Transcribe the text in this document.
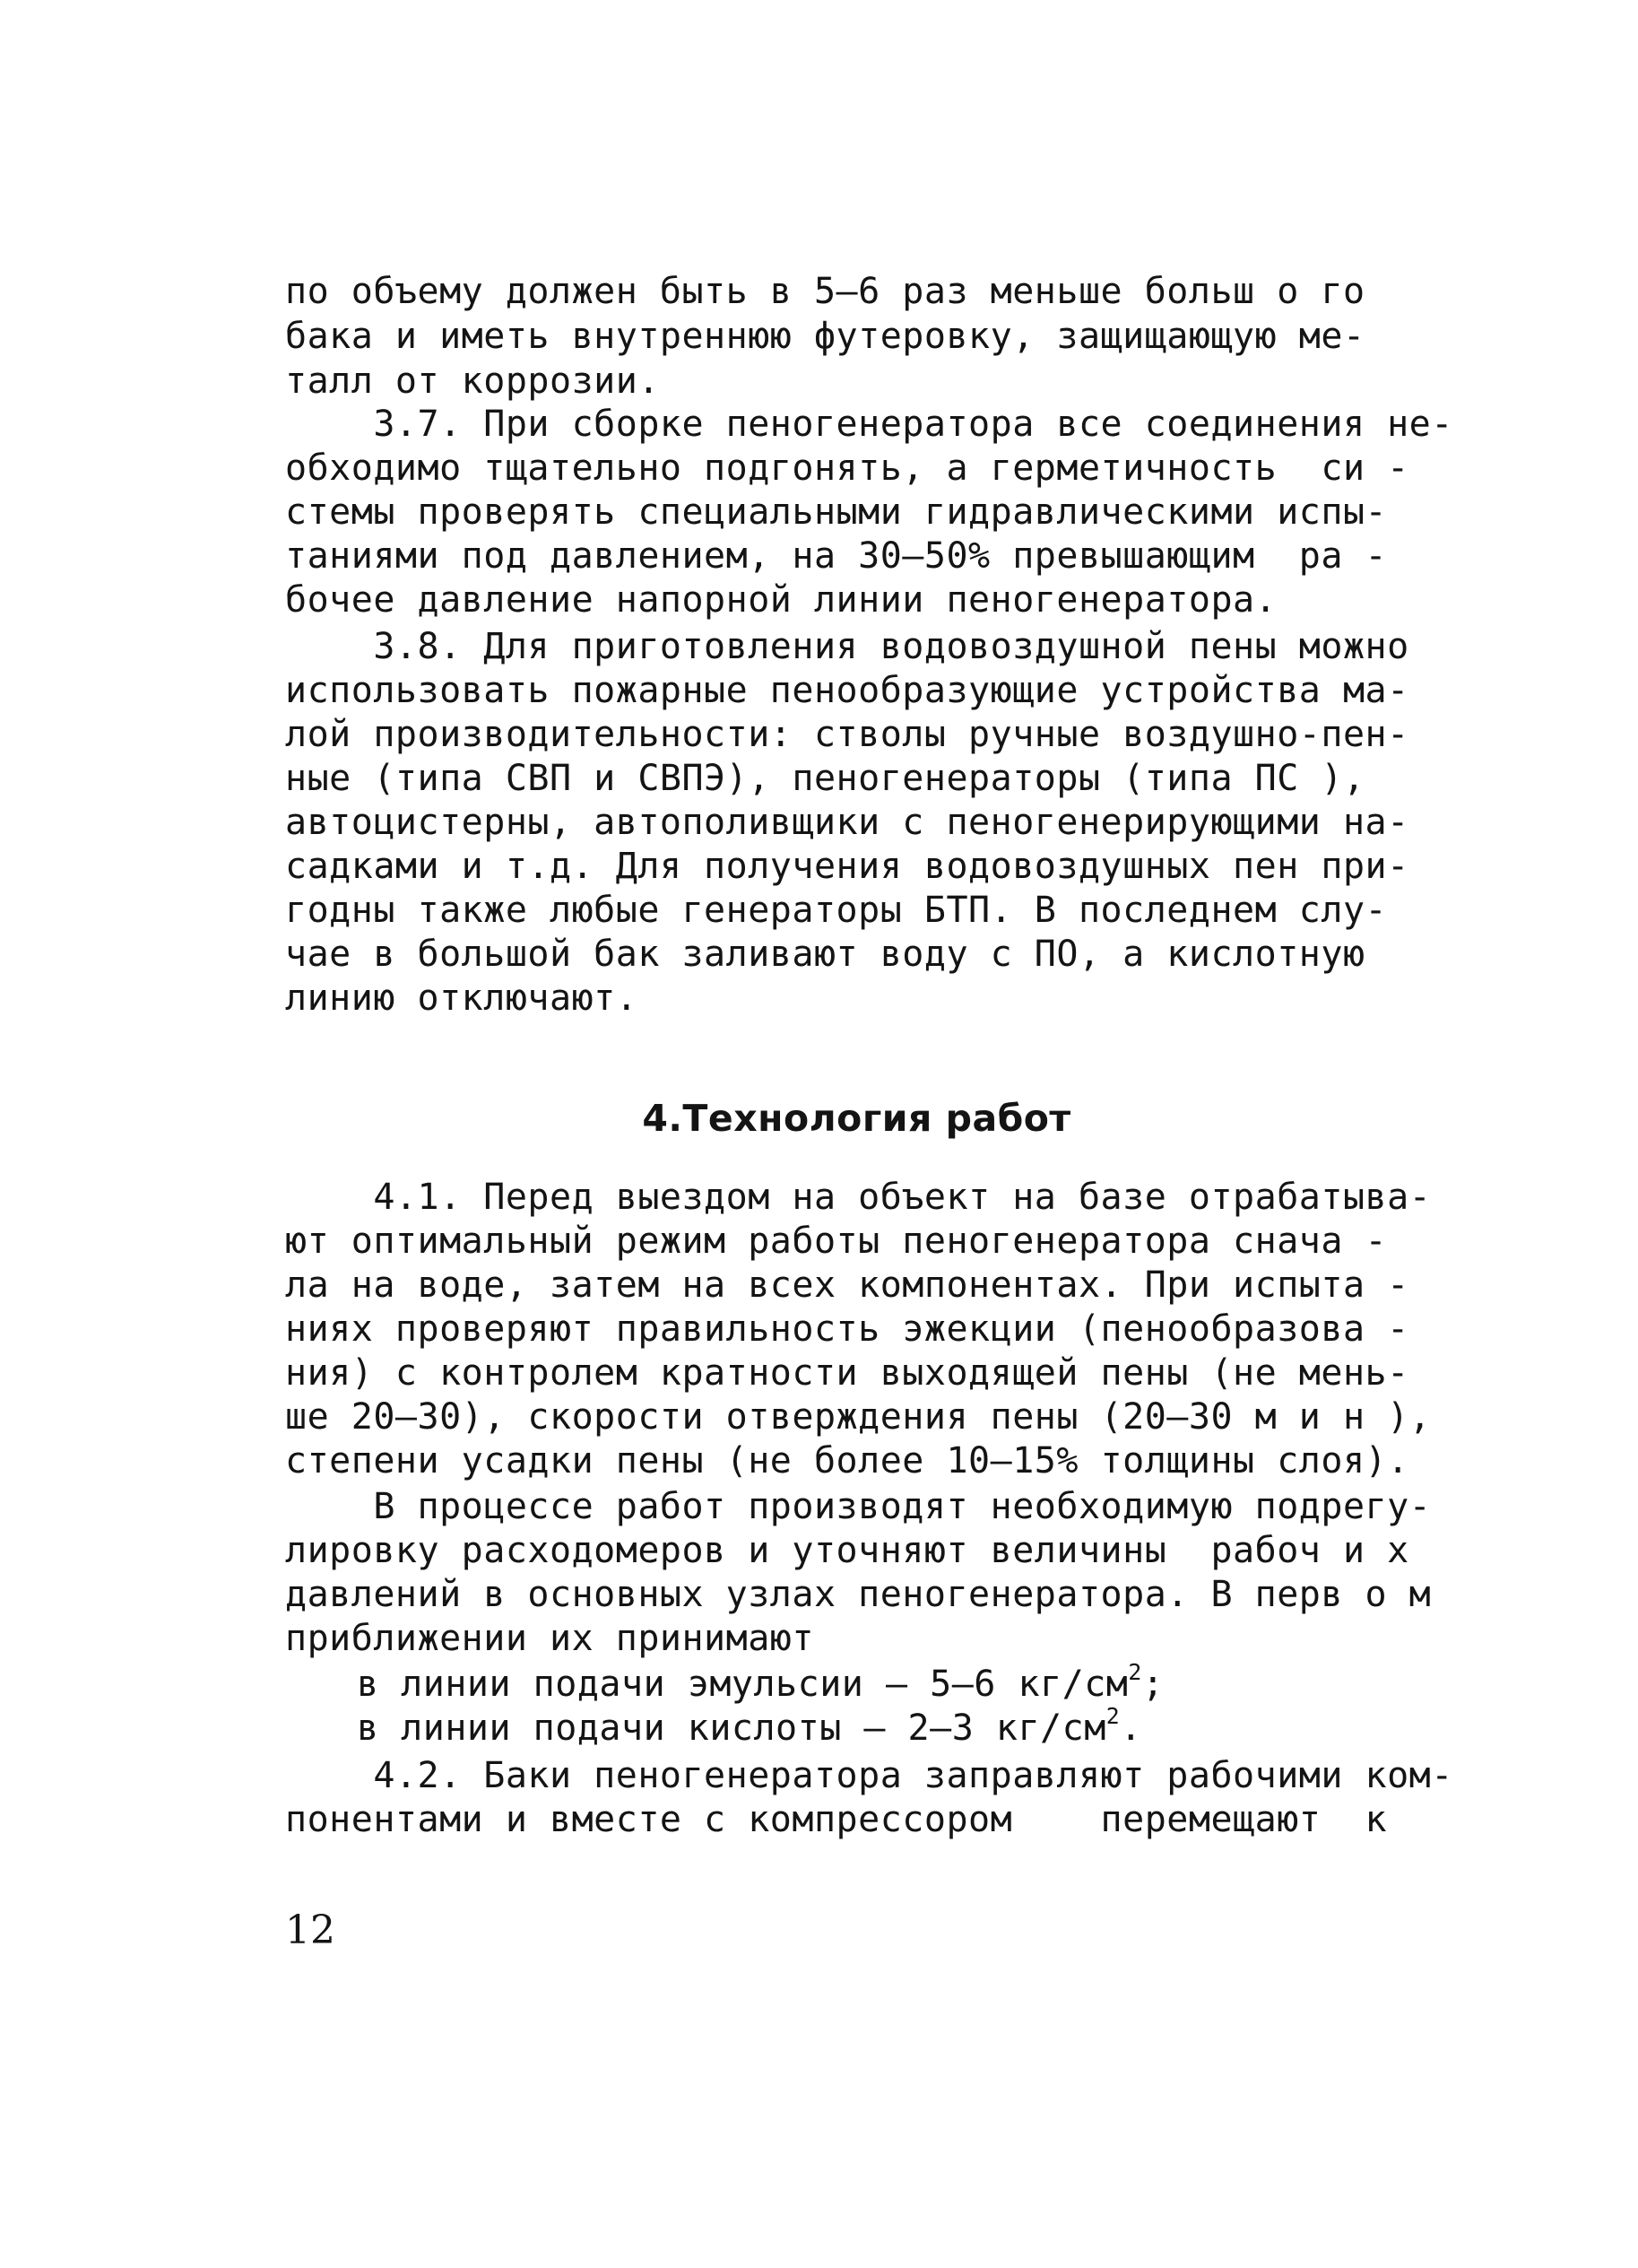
по объему должен быть в 5–6 раз меньше больш о го
бака и иметь внутреннюю футеровку, защищающую ме-
талл от коррозии.
3.7. При сборке пеногенератора все соединения не-
обходимо тщательно подгонять, а герметичность  си -
стемы проверять специальными гидравлическими испы-
таниями под давлением, на 30–50% превышающим  ра -
бочее давление напорной линии пеногенератора.
3.8. Для приготовления водовоздушной пены можно
использовать пожарные пенообразующие устройства ма-
лой производительности: стволы ручные воздушно-пен-
ные (типа СВП и СВПЭ), пеногенераторы (типа ПС ),
автоцистерны, автополивщики с пеногенерирующими на-
садками и т.д. Для получения водовоздушных пен при-
годны также любые генераторы БТП. В последнем слу-
чае в большой бак заливают воду с ПО, а кислотную
линию отключают.
4.Технология работ
4.1. Перед выездом на объект на базе отрабатыва-
ют оптимальный режим работы пеногенератора снача -
ла на воде, затем на всех компонентах. При испыта -
ниях проверяют правильность эжекции (пенообразова -
ния) с контролем кратности выходящей пены (не мень-
ше 20–30), скорости отверждения пены (20–30 м и н ),
степени усадки пены (не более 10–15% толщины слоя).
В процессе работ производят необходимую подрегу-
лировку расходомеров и уточняют величины  рабоч и х
давлений в основных узлах пеногенератора. В перв о м
приближении их принимают
в линии подачи эмульсии – 5–6 $кг/см^2$;
в линии подачи кислоты – 2–3 $кг/см^2$.
4.2. Баки пеногенератора заправляют рабочими ком-
понентами и вместе с компрессором    перемещают  к
12
